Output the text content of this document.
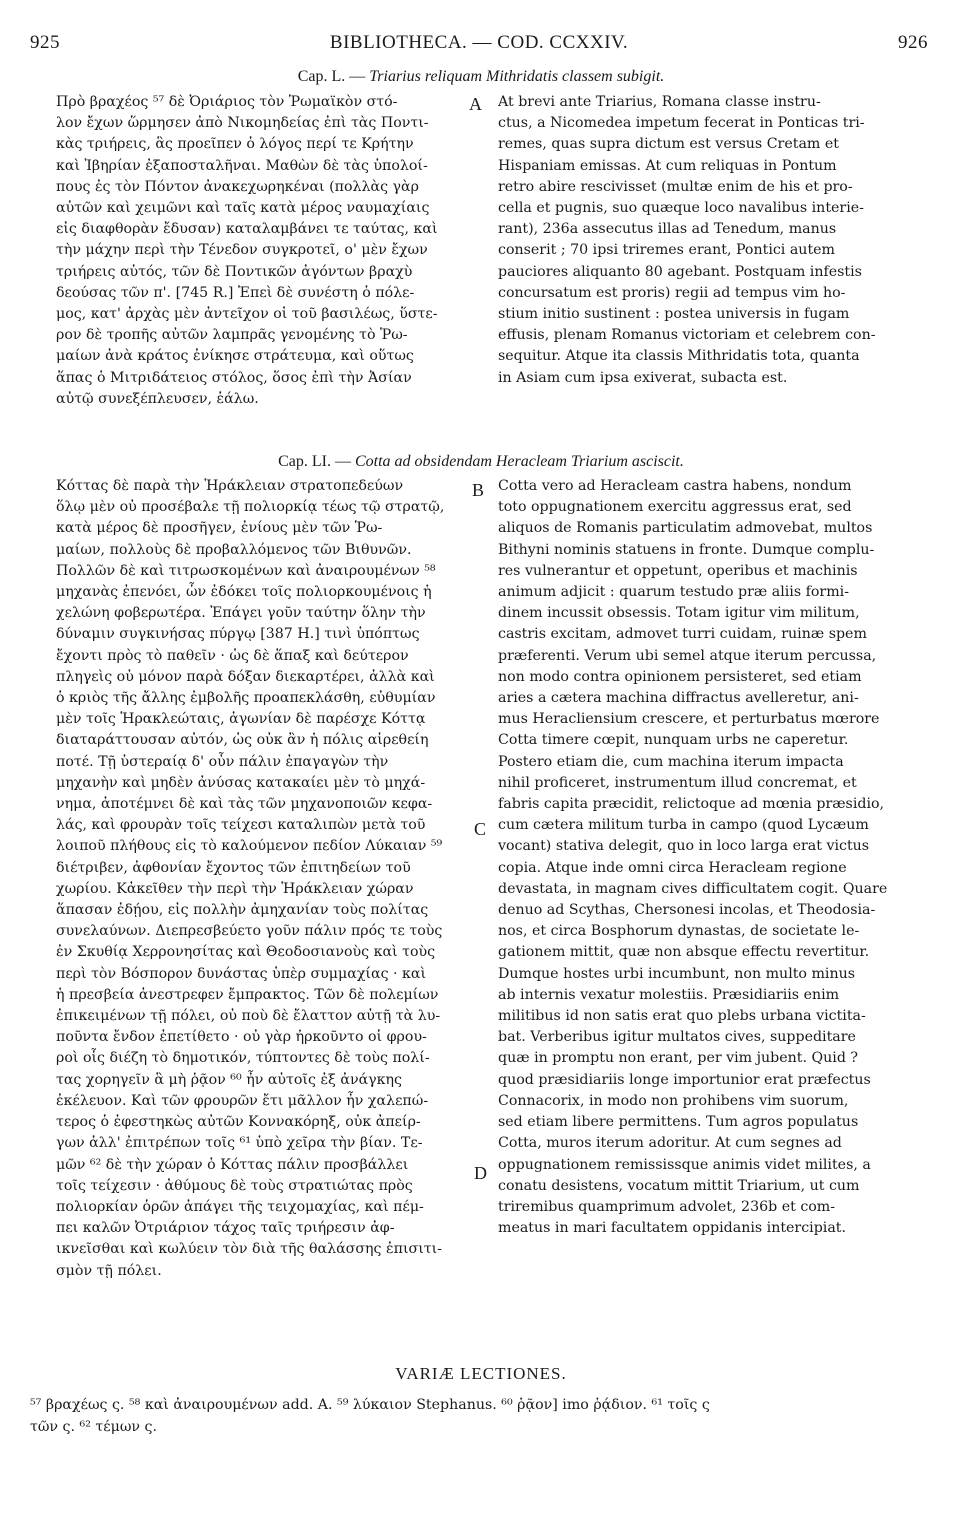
925	BIBLIOTHECA. — COD. CCXXIV.	926
Cap. L. — Triarius reliquam Mithridatis classem subigit.
Πρὸ βραχέος ⁵⁷ δὲ Ὀριάριος τὸν Ῥωμαϊκὸν στό-
λον ἔχων ὥρμησεν ἀπὸ Νικομηδείας ἐπὶ τὰς Ποντι-
κὰς τριήρεις, ἃς προεῖπεν ὁ λόγος περί τε Κρήτην
καὶ Ἰβηρίαν ἐξαποσταλῆναι. Μαθὼν δὲ τὰς ὑπολοί-
πους ἐς τὸν Πόντον ἀνακεχωρηκέναι (πολλὰς γὰρ
αὐτῶν καὶ χειμῶνι καὶ ταῖς κατὰ μέρος ναυμαχίαις
εἰς διαφθορὰν ἔδυσαν) καταλαμβάνει τε ταύτας, καὶ
τὴν μάχην περὶ τὴν Τένεδον συγκροτεῖ, ο' μὲν ἔχων
τριήρεις αὐτός, τῶν δὲ Ποντικῶν ἀγόντων βραχὺ
δεούσας τῶν π'. [745 R.] Ἐπεὶ δὲ συνέστη ὁ πόλε-
μος, κατ' ἀρχὰς μὲν ἀντεῖχον οἱ τοῦ βασιλέως, ὕστε-
ρον δὲ τροπῆς αὐτῶν λαμπρᾶς γενομένης τὸ Ῥω-
μαίων ἀνὰ κράτος ἐνίκησε στράτευμα, καὶ οὕτως
ἅπας ὁ Μιτριδάτειος στόλος, ὅσος ἐπὶ τὴν Ἀσίαν
αὐτῷ συνεξέπλευσεν, ἑάλω.
At brevi ante Triarius, Romana classe instru-
ctus, a Nicomedea impetum fecerat in Ponticas tri-
remes, quas supra dictum est versus Cretam et
Hispaniam emissas. At cum reliquas in Pontum
retro abire rescivisset (multæ enim de his et pro-
cella et pugnis, suo quæque loco navalibus interie-
rant), 236a assecutus illas ad Tenedum, manus
conserit ; 70 ipsi triremes erant, Pontici autem
pauciores aliquanto 80 agebant. Postquam infestis
concursatum est proris) regii ad tempus vim ho-
stium initio sustinent : postea universis in fugam
effusis, plenam Romanus victoriam et celebrem con-
sequitur. Atque ita classis Mithridatis tota, quanta
in Asiam cum ipsa exiverat, subacta est.
Cap. LI. — Cotta ad obsidendam Heracleam Triarium asciscit.
Κόττας δὲ παρὰ τὴν Ἡράκλειαν στρατοπεδεύων
ὅλῳ μὲν οὐ προσέβαλε τῇ πολιορκίᾳ τέως τῷ στρατῷ,
κατὰ μέρος δὲ προσῆγεν, ἐνίους μὲν τῶν Ῥω-
μαίων, πολλοὺς δὲ προβαλλόμενος τῶν Βιθυνῶν.
Πολλῶν δὲ καὶ τιτρωσκομένων καὶ ἀναιρουμένων ⁵⁸
μηχανὰς ἐπενόει, ὧν ἐδόκει τοῖς πολιορκουμένοις ἡ
χελώνη φοβερωτέρα. Ἐπάγει γοῦν ταύτην ὅλην τὴν
δύναμιν συγκινήσας πύργῳ [387 H.] τινὶ ὑπόπτως
ἔχοντι πρὸς τὸ παθεῖν · ὡς δὲ ἅπαξ καὶ δεύτερον
πληγεὶς οὐ μόνον παρὰ δόξαν διεκαρτέρει, ἀλλὰ καὶ
ὁ κριὸς τῆς ἄλλης ἐμβολῆς προαπεκλάσθη, εὐθυμίαν
μὲν τοῖς Ἡρακλεώταις, ἀγωνίαν δὲ παρέσχε Κόττᾳ
διαταράττουσαν αὐτόν, ὡς οὐκ ἂν ἡ πόλις αἱρεθείη
ποτέ. Τῇ ὑστεραίᾳ δ' οὖν πάλιν ἐπαγαγὼν τὴν
μηχανὴν καὶ μηδὲν ἀνύσας κατακαίει μὲν τὸ μηχά-
νημα, ἀποτέμνει δὲ καὶ τὰς τῶν μηχανοποιῶν κεφα-
λάς, καὶ φρουρὰν τοῖς τείχεσι καταλιπὼν μετὰ τοῦ
λοιποῦ πλήθους εἰς τὸ καλούμενον πεδίον Λύκαιαν ⁵⁹
διέτριβεν, ἀφθονίαν ἔχοντος τῶν ἐπιτηδείων τοῦ
χωρίου. Κἀκεῖθεν τὴν περὶ τὴν Ἡράκλειαν χώραν
ἅπασαν ἐδῄου, εἰς πολλὴν ἀμηχανίαν τοὺς πολίτας
συνελαύνων. Διεπρεσβεύετο γοῦν πάλιν πρός τε τοὺς
ἐν Σκυθίᾳ Χερρονησίτας καὶ Θεοδοσιανοὺς καὶ τοὺς
περὶ τὸν Βόσπορον δυνάστας ὑπὲρ συμμαχίας · καὶ
ἡ πρεσβεία ἀνεστρεφεν ἔμπρακτος. Τῶν δὲ πολεμίων
ἐπικειμένων τῇ πόλει, οὐ ποὺ δὲ ἔλαττον αὐτῇ τὰ λυ-
ποῦντα ἔνδον ἐπετίθετο · οὐ γὰρ ἠρκοῦντο οἱ φρου-
ροὶ οἷς διέζη τὸ δημοτικόν, τύπτοντες δὲ τοὺς πολί-
τας χορηγεῖν ἃ μὴ ῥᾷον ⁶⁰ ἦν αὐτοῖς ἐξ ἀνάγκης
ἐκέλευον. Καὶ τῶν φρουρῶν ἔτι μᾶλλον ἦν χαλεπώ-
τερος ὁ ἐφεστηκὼς αὐτῶν Κοννακόρηξ, οὐκ ἀπείρ-
γων ἀλλ' ἐπιτρέπων τοῖς ⁶¹ ὑπὸ χεῖρα τὴν βίαν. Τε-
μῶν ⁶² δὲ τὴν χώραν ὁ Κόττας πάλιν προσβάλλει
τοῖς τείχεσιν · ἀθύμους δὲ τοὺς στρατιώτας πρὸς
πολιορκίαν ὁρῶν ἀπάγει τῆς τειχομαχίας, καὶ πέμ-
πει καλῶν Ὀτριάριον τάχος ταῖς τριήρεσιν ἀφ-
ικνεῖσθαι καὶ κωλύειν τὸν διὰ τῆς θαλάσσης ἐπισιτι-
σμὸν τῇ πόλει.
Cotta vero ad Heracleam castra habens, nondum
toto oppugnationem exercitu aggressus erat, sed
aliquos de Romanis particulatim admovebat, multos
Bithyni nominis statuens in fronte. Dumque complu-
res vulnerantur et oppetunt, operibus et machinis
animum adjicit : quarum testudo præ aliis formi-
dinem incussit obsessis. Totam igitur vim militum,
castris excitam, admovet turri cuidam, ruinæ spem
præferenti. Verum ubi semel atque iterum percussa,
non modo contra opinionem persisteret, sed etiam
aries a cætera machina diffractus avelleretur, ani-
mus Heracliensium crescere, et perturbatus mœrore
Cotta timere cœpit, nunquam urbs ne caperetur.
Postero etiam die, cum machina iterum impacta
nihil proficeret, instrumentum illud concremat, et
fabris capita præcidit, relictoque ad mœnia præsidio,
cum cætera militum turba in campo (quod Lycæum
vocant) stativa delegit, quo in loco larga erat victus
copia. Atque inde omni circa Heracleam regione
devastata, in magnam cives difficultatem cogit. Quare
denuo ad Scythas, Chersonesi incolas, et Theodosia-
nos, et circa Bosphorum dynastas, de societate le-
gationem mittit, quæ non absque effectu revertitur.
Dumque hostes urbi incumbunt, non multo minus
ab internis vexatur molestiis. Præsidiariis enim
militibus id non satis erat quo plebs urbana victita-
bat. Verberibus igitur multatos cives, suppeditare
quæ in promptu non erant, per vim jubent. Quid ?
quod præsidiariis longe importunior erat præfectus
Connacorix, in modo non prohibens vim suorum,
sed etiam libere permittens. Tum agros populatus
Cotta, muros iterum adoritur. At cum segnes ad
oppugnationem remississque animis videt milites, a
conatu desistens, vocatum mittit Triarium, ut cum
triremibus quamprimum advolet, 236b et com-
meatus in mari facultatem oppidanis intercipiat.
A
B
C
D
VARIÆ LECTIONES.
⁵⁷ βραχέως ς. ⁵⁸ καὶ ἀναιρουμένων add. A. ⁵⁹ λύκαιον Stephanus. ⁶⁰ ῥᾷον] imo ῥᾴδιον. ⁶¹ τοῖς ς
τῶν ς. ⁶² τέμων ς.
